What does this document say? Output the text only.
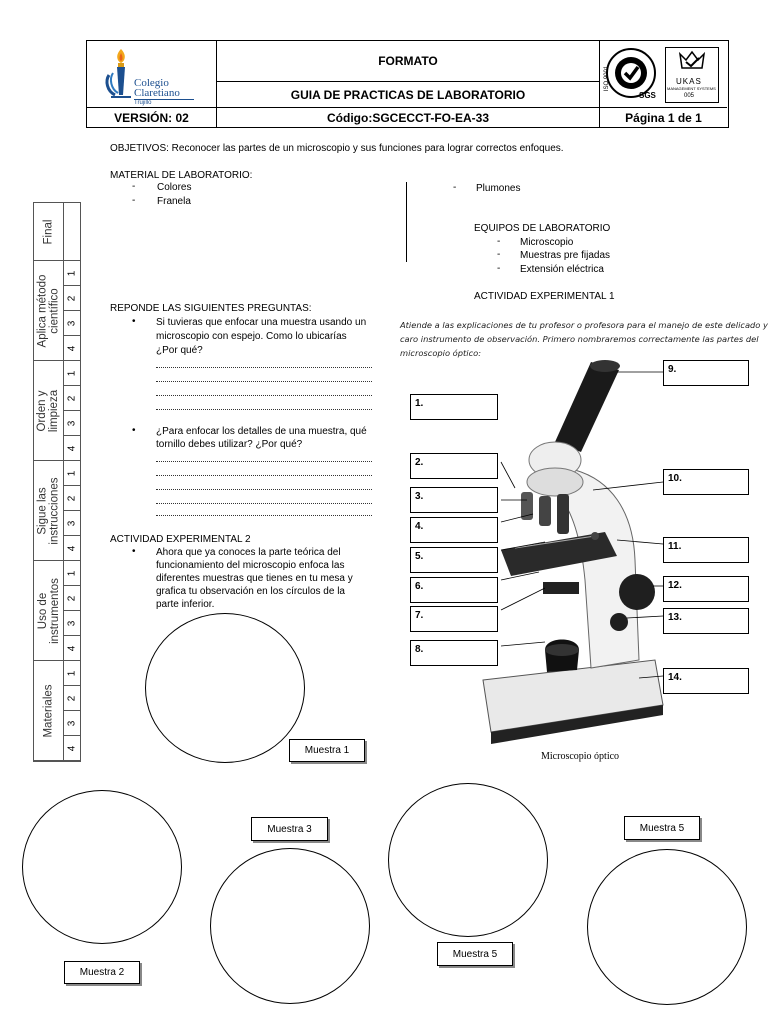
Colegio
Claretiano
Trujillo
FORMATO
GUIA DE PRACTICAS DE LABORATORIO	SGS
ISO 9001	UKAS
MANAGEMENT SYSTEMS
005
VERSIÓN: 02	Código:SGCECCT-FO-EA-33	Página 1 de 1
OBJETIVOS: Reconocer las partes de un microscopio y sus funciones para lograr correctos enfoques.
MATERIAL DE LABORATORIO:
- Colores
- Franela
- Plumones
EQUIPOS DE LABORATORIO
- Microscopio
- Muestras pre fijadas
- Extensión eléctrica
ACTIVIDAD EXPERIMENTAL 1
Final
Aplica método científico
1
2
3
4
Orden y limpieza
1
2
3
4
Sigue las instrucciones
1
2
3
4
Uso de instrumentos
1
2
3
4
Materiales
1
2
3
4
REPONDE LAS SIGUIENTES PREGUNTAS:
• Si tuvieras que enfocar una muestra usando un
microscopio con espejo. Como lo ubicarías
¿Por qué?
• ¿Para enfocar los detalles de una muestra, qué
tornillo debes utilizar? ¿Por qué?
ACTIVIDAD EXPERIMENTAL 2
• Ahora que ya conoces la parte teórica del
funcionamiento del microscopio enfoca las
diferentes muestras que tienes en tu mesa y
grafica tu observación en los círculos de la
parte inferior.
Atiende a las explicaciones de tu profesor o profesora para el manejo de este delicado y
caro instrumento de observación. Primero nombraremos correctamente las partes del
microscopio óptico:
Microscopio óptico
1.
2.
3.
4.
5.
6.
7.
8.
9.
10.
11.
12.
13.
14.
Muestra 1
Muestra 2
Muestra 3
Muestra 5
Muestra 5
